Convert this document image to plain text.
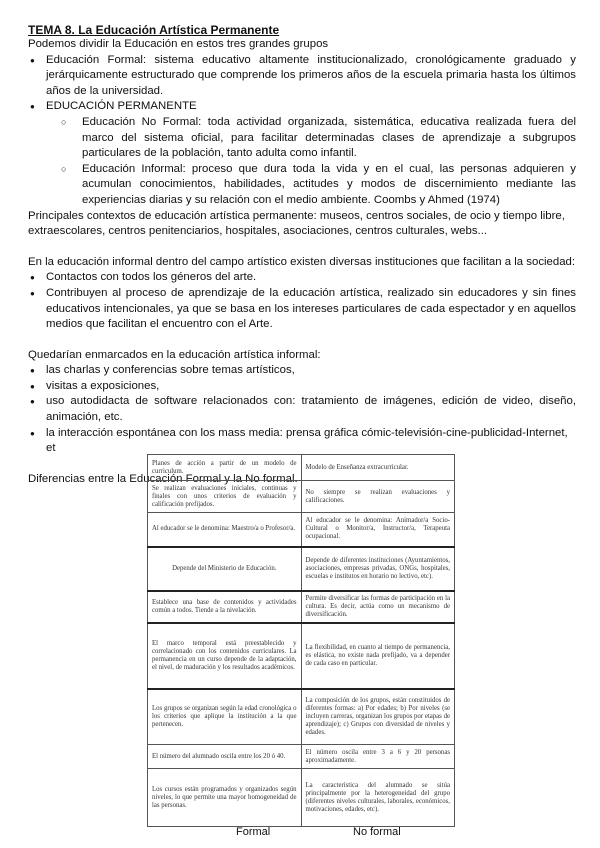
TEMA 8. La Educación Artística Permanente

Podemos dividir la Educación en estos tres grandes grupos

● Educación Formal: sistema educativo altamente institucionalizado, cronológicamente graduado y jerárquicamente estructurado que comprende los primeros años de la escuela primaria hasta los últimos años de la universidad.
● EDUCACIÓN PERMANENTE
○ Educación No Formal: toda actividad organizada, sistemática, educativa realizada fuera del marco del sistema oficial, para facilitar determinadas clases de aprendizaje a subgrupos particulares de la población, tanto adulta como infantil.
○ Educación Informal: proceso que dura toda la vida y en el cual, las personas adquieren y acumulan conocimientos, habilidades, actitudes y modos de discernimiento mediante las experiencias diarias y su relación con el medio ambiente. Coombs y Ahmed (1974)

Principales contextos de educación artística permanente: museos, centros sociales, de ocio y tiempo libre, extraescolares, centros penitenciarios, hospitales, asociaciones, centros culturales, webs...

En la educación informal dentro del campo artístico existen diversas instituciones que facilitan a la sociedad:

● Contactos con todos los géneros del arte.
● Contribuyen al proceso de aprendizaje de la educación artística, realizado sin educadores y sin fines educativos intencionales, ya que se basa en los intereses particulares de cada espectador y en aquellos medios que facilitan el encuentro con el Arte.

Quedarían enmarcados en la educación artística informal:

● las charlas y conferencias sobre temas artísticos,
● visitas a exposiciones,
● uso autodidacta de software relacionados con: tratamiento de imágenes, edición de video, diseño, animación, etc.
● la interacción espontánea con los mass media: prensa gráfica cómic-televisión-cine-publicidad-Internet, et

Diferencias entre la Educación Formal y la No formal.

Planes de acción a partir de un modelo de curriculum.	Modelo de Enseñanza extracurricular.
Se realizan evaluaciones iniciales, continuas y finales con unos criterios de evaluación y calificación prefijados.	No siempre se realizan evaluaciones y calificaciones.
Al educador se le denomina: Maestro/a o Profesor/a.	Al educador se le denomina: Animador/a Socio-Cultural o Monitor/a, Instructor/a, Terapeuta ocupacional.
Depende del Ministerio de Educación.	Depende de diferentes instituciones (Ayuntamientos, asociaciones, empresas privadas, ONGs, hospitales, escuelas e institutos en horario no lectivo, etc).
Establece una base de contenidos y actividades común a todos. Tiende a la nivelación.	Permite diversificar las formas de participación en la cultura. Es decir, actúa como un mecanismo de diversificación.
El marco temporal está preestablecido y correlacionado con los contenidos curriculares. La permanencia en un curso depende de la adaptación, el nivel, de maduración y los resultados académicos.	La flexibilidad, en cuanto al tiempo de permanencia, es elástica, no existe nada prefijado, va a depender de cada caso en particular.
Los grupos se organizan según la edad cronológica o los criterios que aplique la institución a la que pertenecen.	La composición de los grupos, están constituidos de diferentes formas: a) Por edades; b) Por niveles (se incluyen carreras, organizan los grupos por etapas de aprendizaje); c) Grupos con diversidad de niveles y edades.
El número del alumnado oscila entre los 20 ó 40.	El número oscila entre 3 a 6 y 20 personas aproximadamente.
Los cursos están programados y organizados según niveles, lo que permite una mayor homogeneidad de las personas.	La característica del alumnado se sitúa principalmente por la heterogeneidad del grupo (diferentes niveles culturales, laborales, económicos, motivaciones, edades, etc).
Formal	No formal
